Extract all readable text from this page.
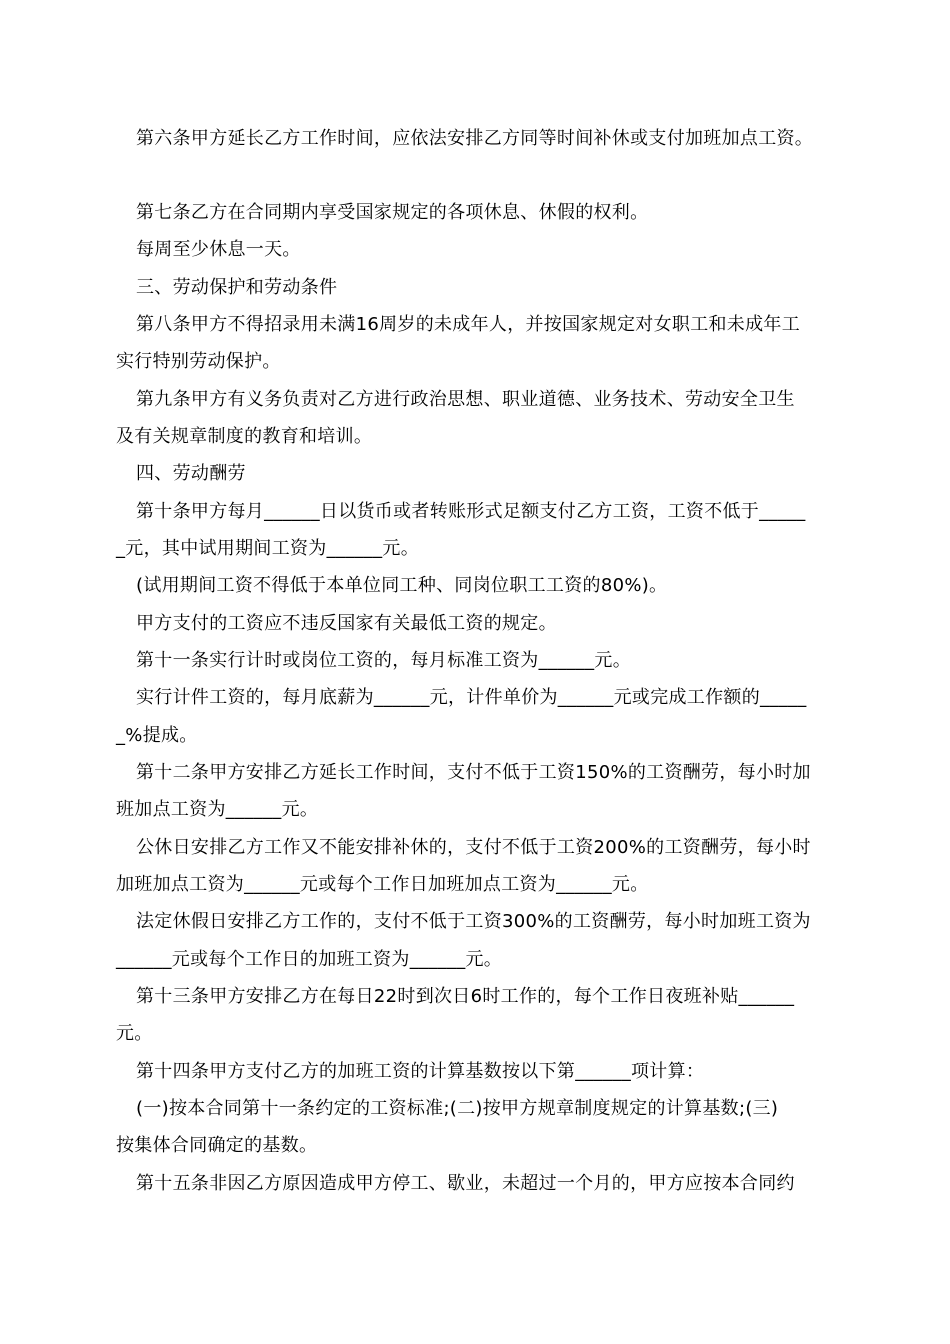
第六条甲方延长乙方工作时间，应依法安排乙方同等时间补休或支付加班加点工资。
第七条乙方在合同期内享受国家规定的各项休息、休假的权利。
每周至少休息一天。
三、劳动保护和劳动条件
第八条甲方不得招录用未满16周岁的未成年人，并按国家规定对女职工和未成年工
实行特别劳动保护。
第九条甲方有义务负责对乙方进行政治思想、职业道德、业务技术、劳动安全卫生
及有关规章制度的教育和培训。
四、劳动酬劳
第十条甲方每月______日以货币或者转账形式足额支付乙方工资，工资不低于_____
_元，其中试用期间工资为______元。
(试用期间工资不得低于本单位同工种、同岗位职工工资的80%)。
甲方支付的工资应不违反国家有关最低工资的规定。
第十一条实行计时或岗位工资的，每月标准工资为______元。
实行计件工资的，每月底薪为______元，计件单价为______元或完成工作额的_____
_%提成。
第十二条甲方安排乙方延长工作时间，支付不低于工资150%的工资酬劳，每小时加
班加点工资为______元。
公休日安排乙方工作又不能安排补休的，支付不低于工资200%的工资酬劳，每小时
加班加点工资为______元或每个工作日加班加点工资为______元。
法定休假日安排乙方工作的，支付不低于工资300%的工资酬劳，每小时加班工资为
______元或每个工作日的加班工资为______元。
第十三条甲方安排乙方在每日22时到次日6时工作的，每个工作日夜班补贴______
元。
第十四条甲方支付乙方的加班工资的计算基数按以下第______项计算：
(一)按本合同第十一条约定的工资标准;(二)按甲方规章制度规定的计算基数;(三)
按集体合同确定的基数。
第十五条非因乙方原因造成甲方停工、歇业，未超过一个月的，甲方应按本合同约
